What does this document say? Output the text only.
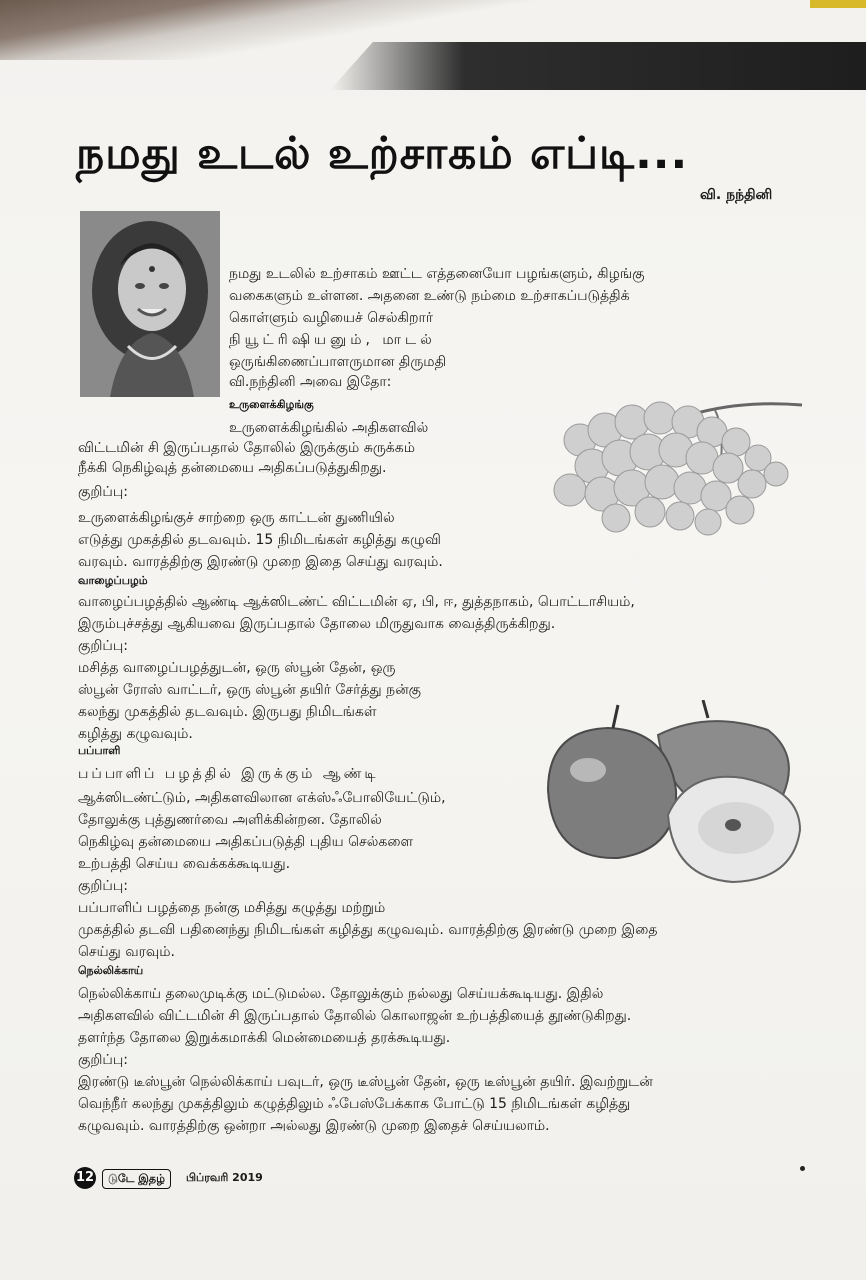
நமது உடல் உற்சாகம் எப்டி...
வி. நந்தினி
நமது உடலில் உற்சாகம் ஊட்ட எத்தனையோ பழங்களும், கிழங்கு
வகைகளும் உள்ளன. அதனை உண்டு நம்மை உற்சாகப்படுத்திக்
கொள்ளும் வழியைச் செல்கிறார்
நியூட்ரிஷியனும், மாடல்
ஒருங்கிணைப்பாளருமான திருமதி
வி.நந்தினி அவை இதோ:
உருளைக்கிழங்கு
உருளைக்கிழங்கில் அதிகளவில்
விட்டமின் சி இருப்பதால் தோலில் இருக்கும் சுருக்கம்
நீக்கி நெகிழ்வுத் தன்மையை அதிகப்படுத்துகிறது.
குறிப்பு:
உருளைக்கிழங்குச் சாற்றை ஒரு காட்டன் துணியில்
எடுத்து முகத்தில் தடவவும். 15 நிமிடங்கள் கழித்து கழுவி
வரவும். வாரத்திற்கு இரண்டு முறை இதை செய்து வரவும்.
வாழைப்பழம்
வாழைப்பழத்தில் ஆண்டி ஆக்ஸிடண்ட் விட்டமின் ஏ, பி, ஈ, துத்தநாகம், பொட்டாசியம்,
இரும்புச்சத்து ஆகியவை இருப்பதால் தோலை மிருதுவாக வைத்திருக்கிறது.
குறிப்பு:
மசித்த வாழைப்பழத்துடன், ஒரு ஸ்பூன் தேன், ஒரு
ஸ்பூன் ரோஸ் வாட்டர், ஒரு ஸ்பூன் தயிர் சேர்த்து நன்கு
கலந்து முகத்தில் தடவவும். இருபது நிமிடங்கள்
கழித்து கழுவவும்.
பப்பாளி
பப்பாளிப் பழத்தில் இருக்கும் ஆண்டி
ஆக்ஸிடண்ட்டும், அதிகளவிலான எக்ஸ்ஃபோலியேட்டும்,
தோலுக்கு புத்துணர்வை அளிக்கின்றன. தோலில்
நெகிழ்வு தன்மையை அதிகப்படுத்தி புதிய செல்களை
உற்பத்தி செய்ய வைக்கக்கூடியது.
குறிப்பு:
பப்பாளிப் பழத்தை நன்கு மசித்து கழுத்து மற்றும்
முகத்தில் தடவி பதினைந்து நிமிடங்கள் கழித்து கழுவவும். வாரத்திற்கு இரண்டு முறை இதை
செய்து வரவும்.
நெல்லிக்காய்
நெல்லிக்காய் தலைமுடிக்கு மட்டுமல்ல. தோலுக்கும் நல்லது செய்யக்கூடியது. இதில்
அதிகளவில் விட்டமின் சி இருப்பதால் தோலில் கொலாஜன் உற்பத்தியைத் தூண்டுகிறது.
தளர்ந்த தோலை இறுக்கமாக்கி மென்மையைத் தரக்கூடியது.
குறிப்பு:
இரண்டு டீஸ்பூன் நெல்லிக்காய் பவுடர், ஒரு டீஸ்பூன் தேன், ஒரு டீஸ்பூன் தயிர். இவற்றுடன்
வெந்நீர் கலந்து முகத்திலும் கழுத்திலும் ஃபேஸ்பேக்காக போட்டு 15 நிமிடங்கள் கழித்து
கழுவவும். வாரத்திற்கு ஒன்றா அல்லது இரண்டு முறை இதைச் செய்யலாம்.
12	டுடே இதழ்	பிப்ரவரி 2019
